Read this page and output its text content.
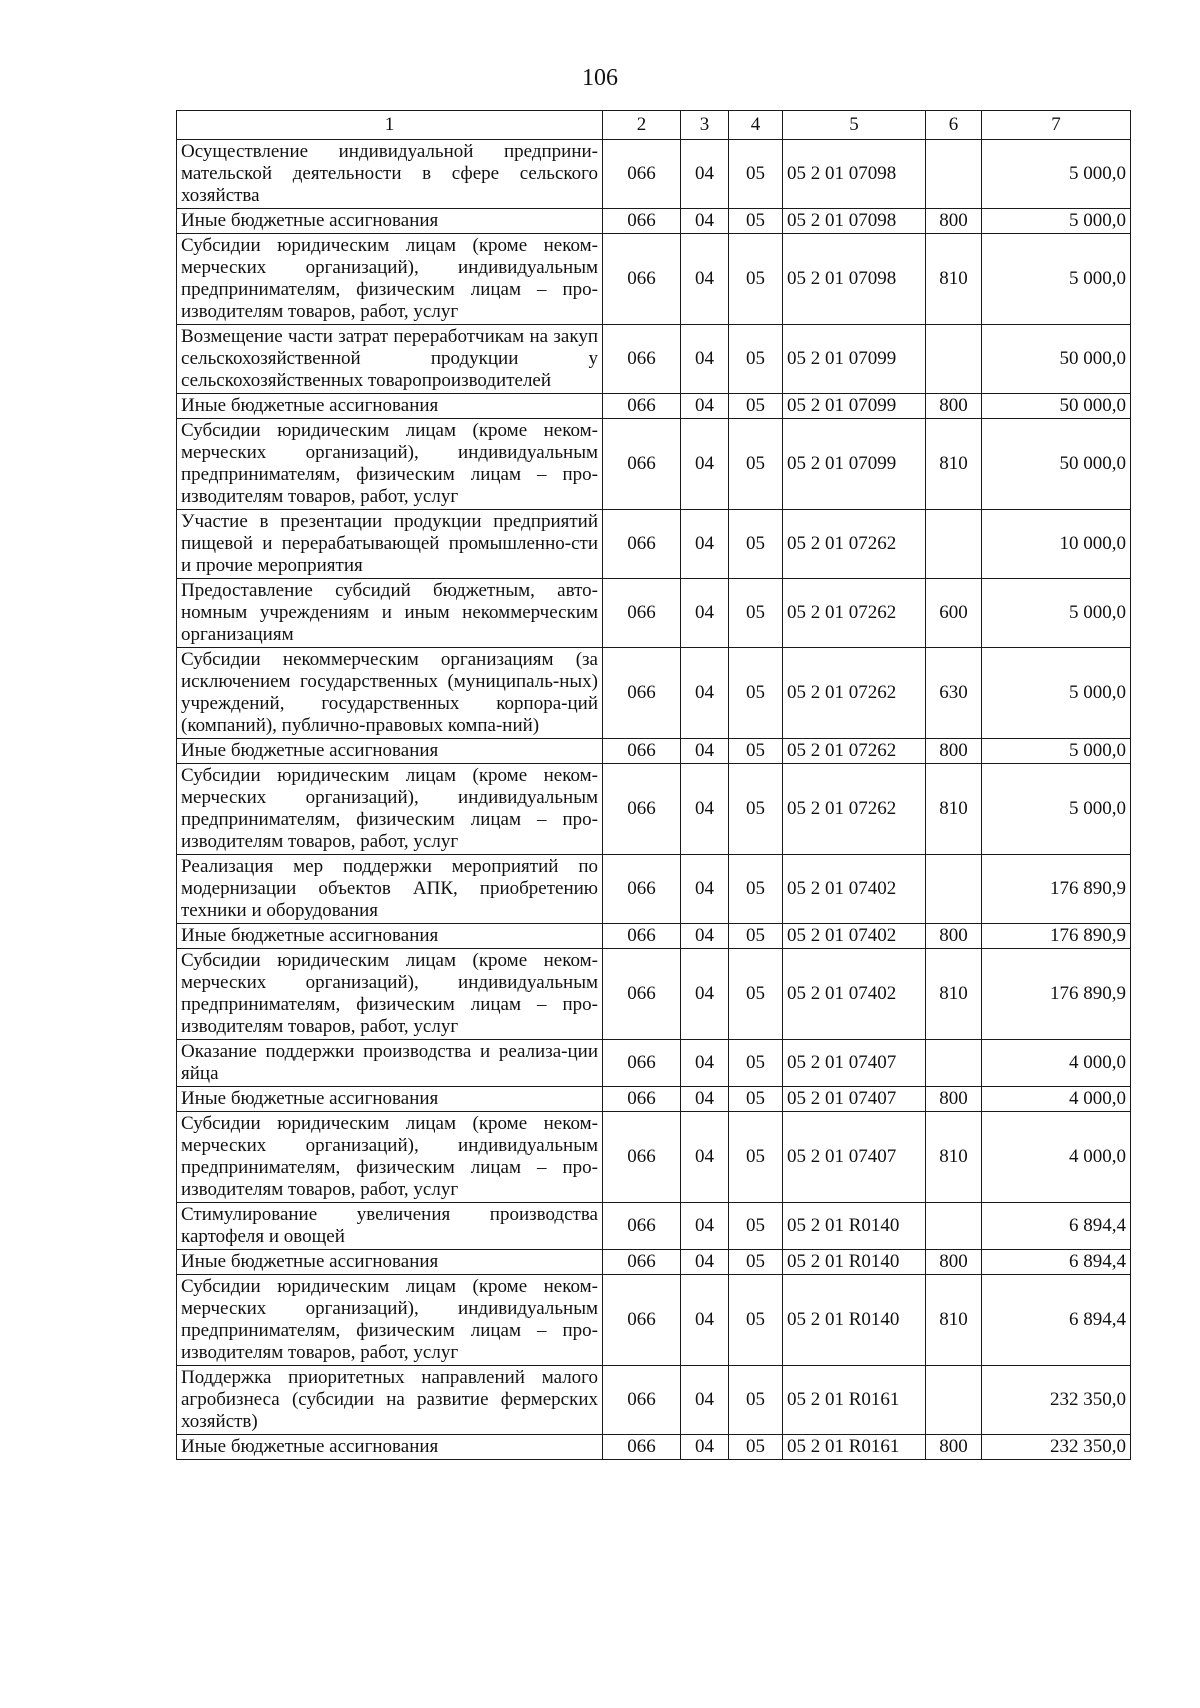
106
1	2	3	4	5	6	7
Осуществление индивидуальной предприни-мательской деятельности в сфере сельского хозяйства	066	04	05	05 2 01 07098		5 000,0
Иные бюджетные ассигнования	066	04	05	05 2 01 07098	800	5 000,0
Субсидии юридическим лицам (кроме неком-мерческих организаций), индивидуальным предпринимателям, физическим лицам – про-изводителям товаров, работ, услуг	066	04	05	05 2 01 07098	810	5 000,0
Возмещение части затрат переработчикам на закуп сельскохозяйственной продукции у сельскохозяйственных товаропроизводителей	066	04	05	05 2 01 07099		50 000,0
Иные бюджетные ассигнования	066	04	05	05 2 01 07099	800	50 000,0
Субсидии юридическим лицам (кроме неком-мерческих организаций), индивидуальным предпринимателям, физическим лицам – про-изводителям товаров, работ, услуг	066	04	05	05 2 01 07099	810	50 000,0
Участие в презентации продукции предприятий пищевой и перерабатывающей промышленно-сти и прочие мероприятия	066	04	05	05 2 01 07262		10 000,0
Предоставление субсидий бюджетным, авто-номным учреждениям и иным некоммерческим организациям	066	04	05	05 2 01 07262	600	5 000,0
Субсидии некоммерческим организациям (за исключением государственных (муниципаль-ных) учреждений, государственных корпора-ций (компаний), публично-правовых компа-ний)	066	04	05	05 2 01 07262	630	5 000,0
Иные бюджетные ассигнования	066	04	05	05 2 01 07262	800	5 000,0
Субсидии юридическим лицам (кроме неком-мерческих организаций), индивидуальным предпринимателям, физическим лицам – про-изводителям товаров, работ, услуг	066	04	05	05 2 01 07262	810	5 000,0
Реализация мер поддержки мероприятий по модернизации объектов АПК, приобретению техники и оборудования	066	04	05	05 2 01 07402		176 890,9
Иные бюджетные ассигнования	066	04	05	05 2 01 07402	800	176 890,9
Субсидии юридическим лицам (кроме неком-мерческих организаций), индивидуальным предпринимателям, физическим лицам – про-изводителям товаров, работ, услуг	066	04	05	05 2 01 07402	810	176 890,9
Оказание поддержки производства и реализа-ции яйца	066	04	05	05 2 01 07407		4 000,0
Иные бюджетные ассигнования	066	04	05	05 2 01 07407	800	4 000,0
Субсидии юридическим лицам (кроме неком-мерческих организаций), индивидуальным предпринимателям, физическим лицам – про-изводителям товаров, работ, услуг	066	04	05	05 2 01 07407	810	4 000,0
Стимулирование увеличения производства картофеля и овощей	066	04	05	05 2 01 R0140		6 894,4
Иные бюджетные ассигнования	066	04	05	05 2 01 R0140	800	6 894,4
Субсидии юридическим лицам (кроме неком-мерческих организаций), индивидуальным предпринимателям, физическим лицам – про-изводителям товаров, работ, услуг	066	04	05	05 2 01 R0140	810	6 894,4
Поддержка приоритетных направлений малого агробизнеса (субсидии на развитие фермерских хозяйств)	066	04	05	05 2 01 R0161		232 350,0
Иные бюджетные ассигнования	066	04	05	05 2 01 R0161	800	232 350,0
